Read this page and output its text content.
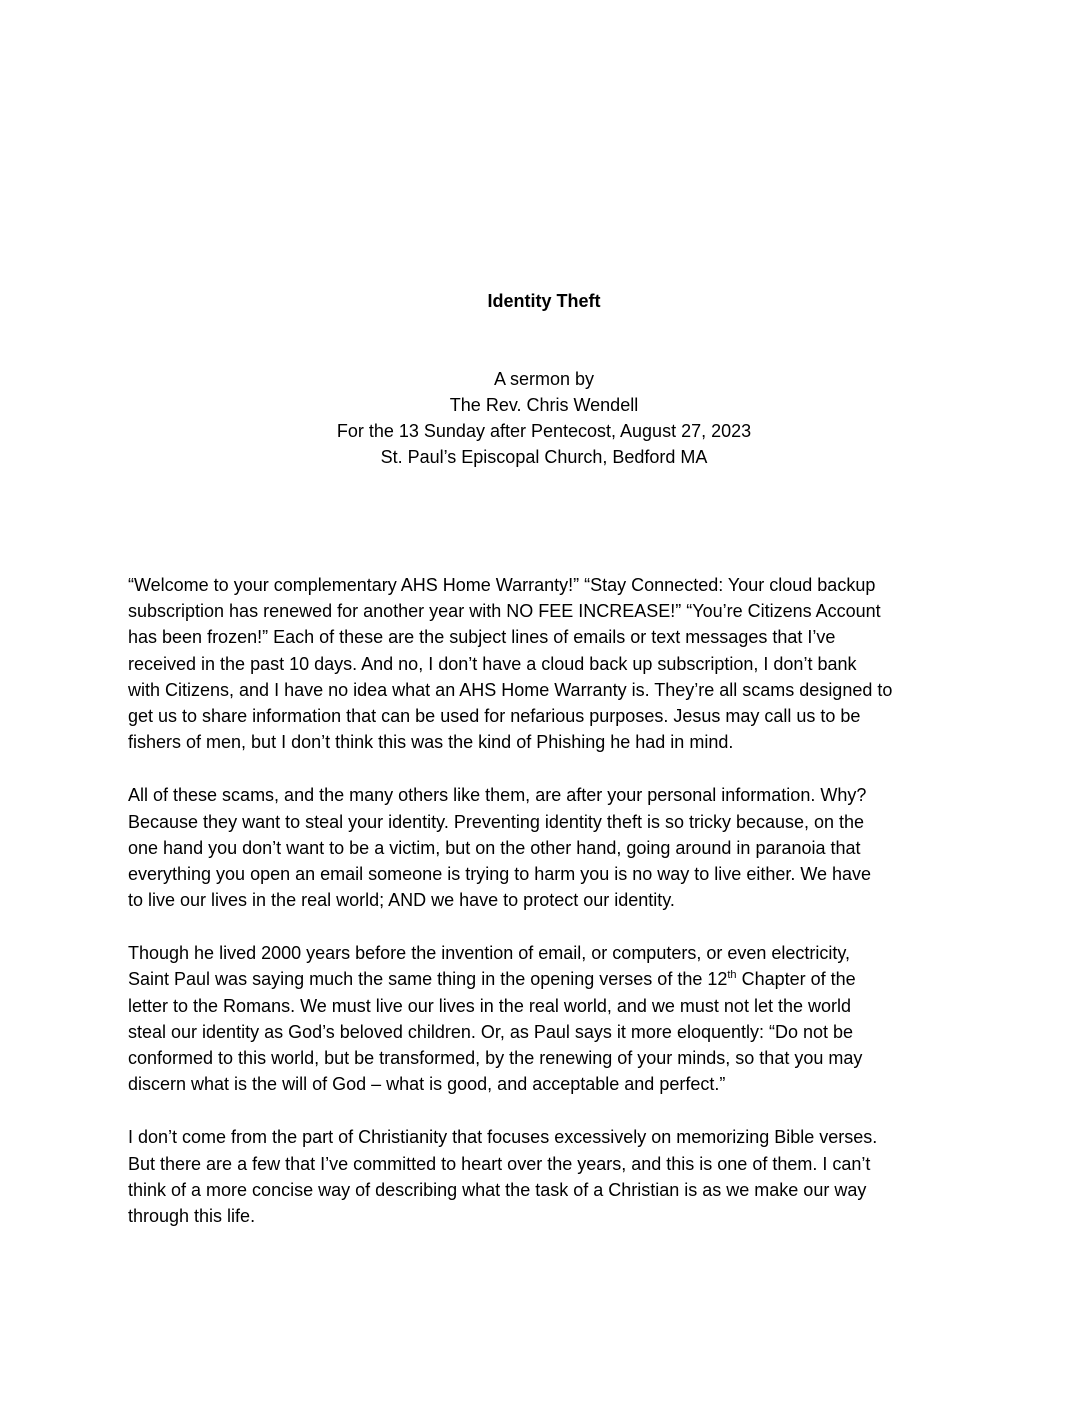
Identity Theft
A sermon by
The Rev. Chris Wendell
For the 13 Sunday after Pentecost, August 27, 2023
St. Paul’s Episcopal Church, Bedford MA

“Welcome to your complementary AHS Home Warranty!” “Stay Connected: Your cloud backup
subscription has renewed for another year with NO FEE INCREASE!” “You’re Citizens Account
has been frozen!” Each of these are the subject lines of emails or text messages that I’ve
received in the past 10 days. And no, I don’t have a cloud back up subscription, I don’t bank
with Citizens, and I have no idea what an AHS Home Warranty is. They’re all scams designed to
get us to share information that can be used for nefarious purposes. Jesus may call us to be
fishers of men, but I don’t think this was the kind of Phishing he had in mind.

All of these scams, and the many others like them, are after your personal information. Why?
Because they want to steal your identity. Preventing identity theft is so tricky because, on the
one hand you don’t want to be a victim, but on the other hand, going around in paranoia that
everything you open an email someone is trying to harm you is no way to live either. We have
to live our lives in the real world; AND we have to protect our identity.

Though he lived 2000 years before the invention of email, or computers, or even electricity,
Saint Paul was saying much the same thing in the opening verses of the 12th Chapter of the
letter to the Romans. We must live our lives in the real world, and we must not let the world
steal our identity as God’s beloved children. Or, as Paul says it more eloquently: “Do not be
conformed to this world, but be transformed, by the renewing of your minds, so that you may
discern what is the will of God – what is good, and acceptable and perfect.”

I don’t come from the part of Christianity that focuses excessively on memorizing Bible verses.
But there are a few that I’ve committed to heart over the years, and this is one of them. I can’t
think of a more concise way of describing what the task of a Christian is as we make our way
through this life.
